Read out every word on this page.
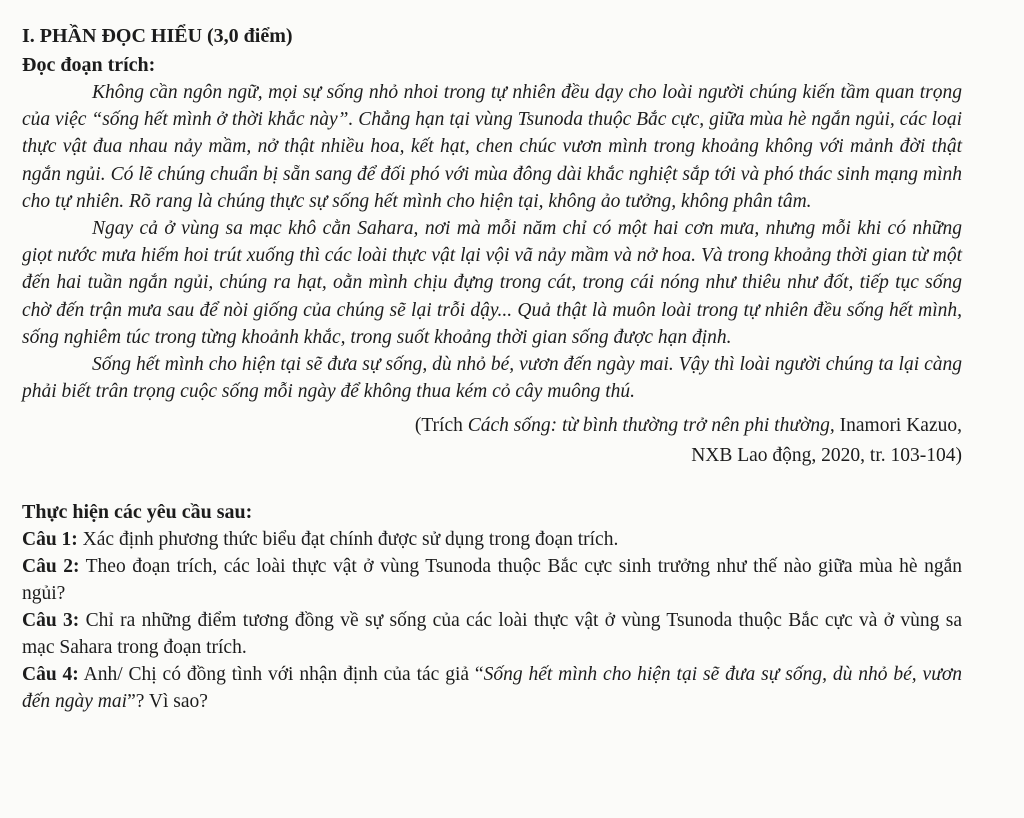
I. PHẦN ĐỌC HIỂU (3,0 điểm)

Đọc đoạn trích:

Không cần ngôn ngữ, mọi sự sống nhỏ nhoi trong tự nhiên đều dạy cho loài người chúng kiến tầm quan trọng của việc “sống hết mình ở thời khắc này”. Chẳng hạn tại vùng Tsunoda thuộc Bắc cực, giữa mùa hè ngắn ngủi, các loại thực vật đua nhau nảy mầm, nở thật nhiều hoa, kết hạt, chen chúc vươn mình trong khoảng không với mảnh đời thật ngắn ngủi. Có lẽ chúng chuẩn bị sẵn sang để đối phó với mùa đông dài khắc nghiệt sắp tới và phó thác sinh mạng mình cho tự nhiên. Rõ rang là chúng thực sự sống hết mình cho hiện tại, không ảo tưởng, không phân tâm.

Ngay cả ở vùng sa mạc khô cằn Sahara, nơi mà mỗi năm chỉ có một hai cơn mưa, nhưng mỗi khi có những giọt nước mưa hiếm hoi trút xuống thì các loài thực vật lại vội vã nảy mầm và nở hoa. Và trong khoảng thời gian từ một đến hai tuần ngắn ngủi, chúng ra hạt, oằn mình chịu đựng trong cát, trong cái nóng như thiêu như đốt, tiếp tục sống chờ đến trận mưa sau để nòi giống của chúng sẽ lại trỗi dậy... Quả thật là muôn loài trong tự nhiên đều sống hết mình, sống nghiêm túc trong từng khoảnh khắc, trong suốt khoảng thời gian sống được hạn định.

Sống hết mình cho hiện tại sẽ đưa sự sống, dù nhỏ bé, vươn đến ngày mai. Vậy thì loài người chúng ta lại càng phải biết trân trọng cuộc sống mỗi ngày để không thua kém cỏ cây muông thú.

(Trích Cách sống: từ bình thường trở nên phi thường, Inamori Kazuo,
NXB Lao động, 2020, tr. 103-104)

Thực hiện các yêu cầu sau:

Câu 1: Xác định phương thức biểu đạt chính được sử dụng trong đoạn trích.

Câu 2: Theo đoạn trích, các loài thực vật ở vùng Tsunoda thuộc Bắc cực sinh trưởng như thế nào giữa mùa hè ngắn ngủi?

Câu 3: Chỉ ra những điểm tương đồng về sự sống của các loài thực vật ở vùng Tsunoda thuộc Bắc cực và ở vùng sa mạc Sahara trong đoạn trích.

Câu 4: Anh/ Chị có đồng tình với nhận định của tác giả “Sống hết mình cho hiện tại sẽ đưa sự sống, dù nhỏ bé, vươn đến ngày mai”? Vì sao?
